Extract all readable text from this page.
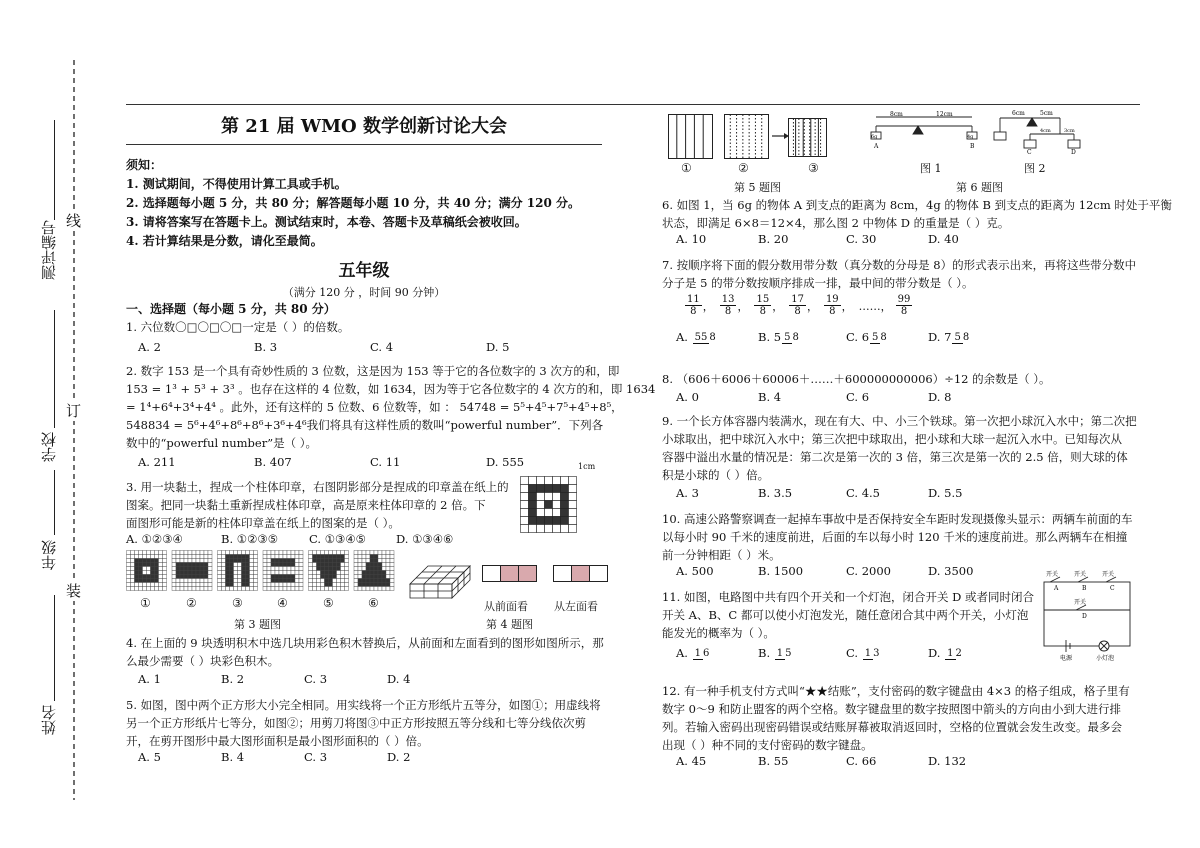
线
订
装
测评编号
学校
年级
姓名
第 21 届 WMO 数学创新讨论大会
须知：
1. 测试期间，不得使用计算工具或手机。
2. 选择题每小题 5 分，共 80 分；解答题每小题 10 分，共 40 分；满分 120 分。
3. 请将答案写在答题卡上。测试结束时，本卷、答题卡及草稿纸会被收回。
4. 若计算结果是分数，请化至最简。
五年级
（满分 120 分 ，时间 90 分钟）
一、选择题（每小题 5 分，共 80 分）
1. 六位数〇□〇□〇□一定是（ ）的倍数。
A. 2	B. 3	C. 4	D. 5
2. 数字 153 是一个具有奇妙性质的 3 位数，这是因为 153 等于它的各位数字的 3 次方的和，即
153 = 1³ + 5³ + 3³ 。也存在这样的 4 位数，如 1634，因为等于它各位数字的 4 次方的和，即 1634
= 1⁴+6⁴+3⁴+4⁴ 。此外，还有这样的 5 位数、6 位数等，如 ： 54748 = 5⁵+4⁵+7⁵+4⁵+8⁵，
548834 = 5⁶+4⁶+8⁶+8⁶+3⁶+4⁶我们将具有这样性质的数叫“powerful number”．下列各
数中的“powerful number”是（ ）。
A. 211	B. 407	C. 11	D. 555
3. 用一块黏土，捏成一个柱体印章，右图阴影部分是捏成的印章盖在纸上的
图案。把同一块黏土重新捏成柱体印章，高是原来柱体印章的 2 倍。下
面图形可能是新的柱体印章盖在纸上的图案的是（ ）。
1cm
A. ①②③④	B. ①②③⑤	C. ①③④⑤	D. ①③④⑥
①	②	③	④	⑤	⑥
第 3 题图
从前面看 从左面看
第 4 题图
4. 在上面的 9 块透明积木中选几块用彩色积木替换后，从前面和左面看到的图形如图所示，那
么最少需要（ ）块彩色积木。
A. 1	B. 2	C. 3	D. 4
5. 如图，图中两个正方形大小完全相同。用实线将一个正方形纸片五等分，如图①；用虚线将
另一个正方形纸片七等分，如图②；用剪刀将图③中正方形按照五等分线和七等分线依次剪
开，在剪开图形中最大图形面积是最小图形面积的（ ）倍。
A. 5	B. 4	C. 3	D. 2
①	②	③
第 5 题图
8cm	12cm
6g	4g
A	B
6cm	5cm
4cm	3cm
C	D
图 1	图 2
第 6 题图
6. 如图 1，当 6g 的物体 A 到支点的距离为 8cm，4g 的物体 B 到支点的距离为 12cm 时处于平衡
状态，即满足 6×8＝12×4，那么图 2 中物体 D 的重量是（ ）克。
A. 10	B. 20	C. 30	D. 40
7. 按顺序将下面的假分数用带分数（真分数的分母是 8）的形式表示出来，再将这些带分数中
分子是 5 的带分数按顺序排成一排，最中间的带分数是（ ）。
$\frac{11}{8}$ ， $\frac{13}{8}$ ， $\frac{15}{8}$ ， $\frac{17}{8}$ ， $\frac{19}{8}$ ， ……， $\frac{99}{8}$
A. 55 8	B. 5 5 8	C. 6 5 8	D. 7 5 8
8. （606＋6006＋60006＋……＋600000000006）÷12 的余数是（ ）。
A. 0	B. 4	C. 6	D. 8
9. 一个长方体容器内装满水，现在有大、中、小三个铁球。第一次把小球沉入水中；第二次把
小球取出，把中球沉入水中；第三次把中球取出，把小球和大球一起沉入水中。已知每次从
容器中溢出水量的情况是：第二次是第一次的 3 倍，第三次是第一次的 2.5 倍，则大球的体
积是小球的（ ）倍。
A. 3	B. 3.5	C. 4.5	D. 5.5
10. 高速公路警察调查一起掉车事故中是否保持安全车距时发现摄像头显示：两辆车前面的车
以每小时 90 千米的速度前进，后面的车以每小时 120 千米的速度前进。那么两辆车在相撞
前一分钟相距（ ）米。
A. 500	B. 1500	C. 2000	D. 3500
11. 如图，电路图中共有四个开关和一个灯泡，闭合开关 D 或者同时闭合
开关 A、B、C 都可以使小灯泡发光，随任意闭合其中两个开关，小灯泡
能发光的概率为（ ）。
开关	开关	开关
开关
A	B	C
D
电源	小灯泡
A. 1 6	B. 1 5	C. 1 3	D. 1 2
12. 有一种手机支付方式叫“★★结账”，支付密码的数字键盘由 4×3 的格子组成，格子里有
数字 0～9 和防止盟客的两个空格。数字键盘里的数字按照图中箭头的方向由小到大进行排
列。若输入密码出现密码错误或结账屏幕被取消返回时，空格的位置就会发生改变。最多会
出现（ ）种不同的支付密码的数字键盘。
A. 45	B. 55	C. 66	D. 132
